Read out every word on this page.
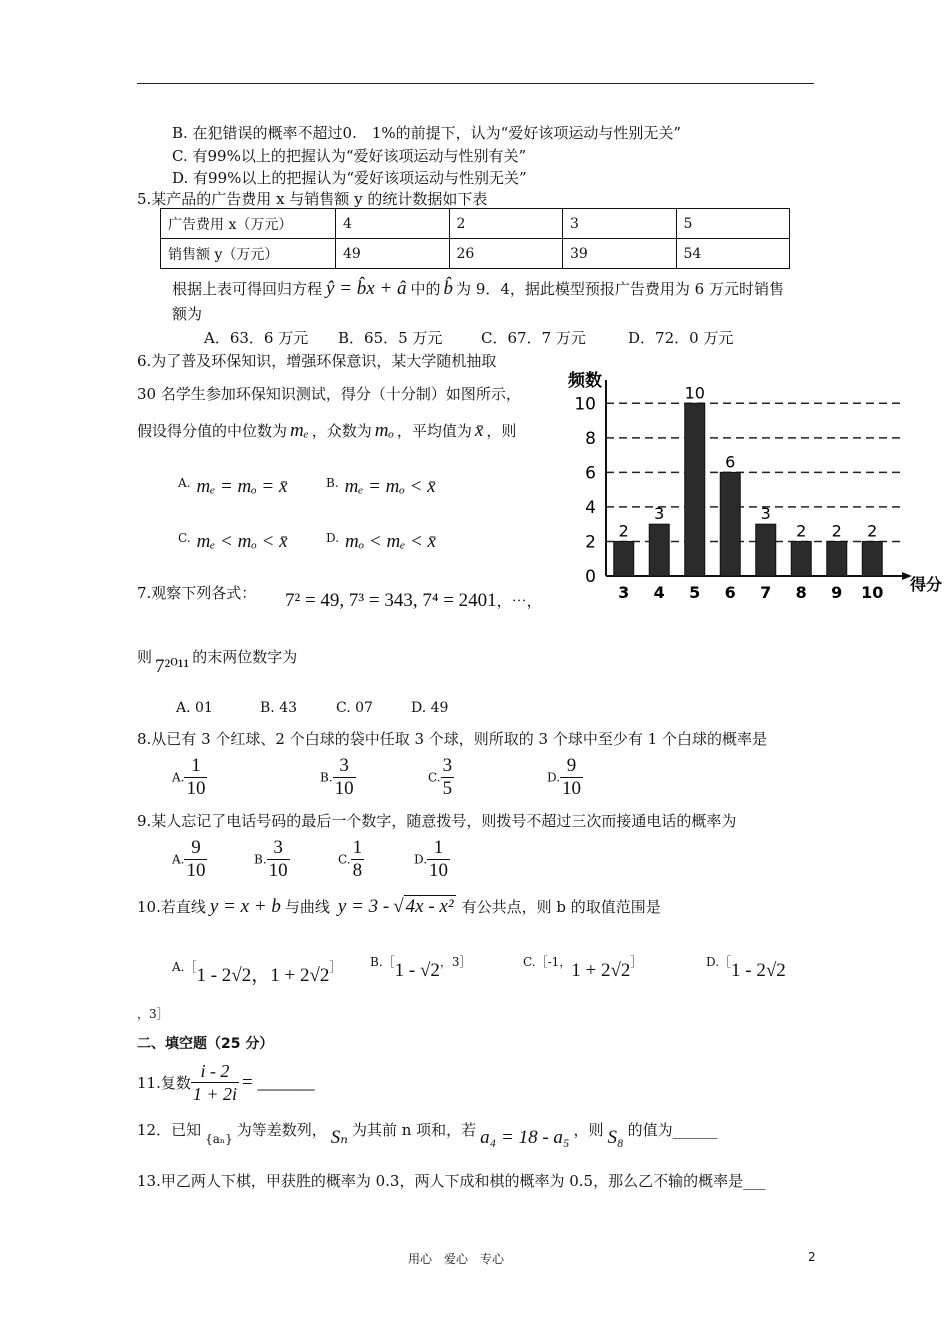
B. 在犯错误的概率不超过0.　1%的前提下，认为“爱好该项运动与性别无关”
C. 有99%以上的把握认为“爱好该项运动与性别有关”
D. 有99%以上的把握认为“爱好该项运动与性别无关”
5.某产品的广告费用 x 与销售额 y 的统计数据如下表
广告费用 x（万元）	4	2	3	5
销售额 y（万元）	49	26	39	54
根据上表可得回归方程 ŷ = b̂x + â 中的 b̂ 为 9．4，据此模型预报广告费用为 6 万元时销售
额为
A．63．6 万元 B．65．5 万元	C．67．7 万元	D．72．0 万元
6.为了普及环保知识，增强环保意识，某大学随机抽取
30 名学生参加环保知识测试，得分（十分制）如图所示，
假设得分值的中位数为 mₑ ，众数为 mₒ ，平均值为 x̄ ，则
$^{A.}$ mₑ = mₒ = x̄	$^{B.}$ mₑ = mₒ < x̄
$^{C.}$ mₑ < mₒ < x̄	$^{D.}$ mₒ < mₑ < x̄
频数
得分
0
2
4
6
8
10
2
3
3
4
10
5
6
6
3
7
2
8
2
9
2
10
7.观察下列各式： 7² = 49, 7³ = 343, 7⁴ = 2401，⋯，
则 7²⁰¹¹ 的末两位数字为
A. 01	B. 43	C. 07	D. 49
8.从已有 3 个红球、2 个白球的袋中任取 3 个球，则所取的 3 个球中至少有 1 个白球的概率是
A. $\frac{1}{10}$	B. $\frac{3}{10}$	C. $\frac{3}{5}$	D. $\frac{9}{10}$
9.某人忘记了电话号码的最后一个数字，随意拨号，则拨号不超过三次而接通电话的概率为
A. $\frac{9}{10}$	B. $\frac{3}{10}$	C. $\frac{1}{8}$	D. $\frac{1}{10}$
10.若直线 y = x + b 与曲线 y = 3 - √ 4x - x² 有公共点，则 b 的取值范围是
A.［1 - 2√2，1 + 2√2］ B.［1 - √2，3］	C.［-1，1 + 2√2］	D.［1 - 2√2
，3］
二、填空题（25 分）
11.复数 $\frac{i - 2}{1 + 2i}$ = ______
12．已知 $_{\{a_n\}}$ 为等差数列， Sₙ 为其前 n 项和，若 a₄ = 18 - a₅ ，则 S₈ 的值为______
13.甲乙两人下棋，甲获胜的概率为 0.3，两人下成和棋的概率为 0.5，那么乙不输的概率是___
用心　爱心　专心	2
